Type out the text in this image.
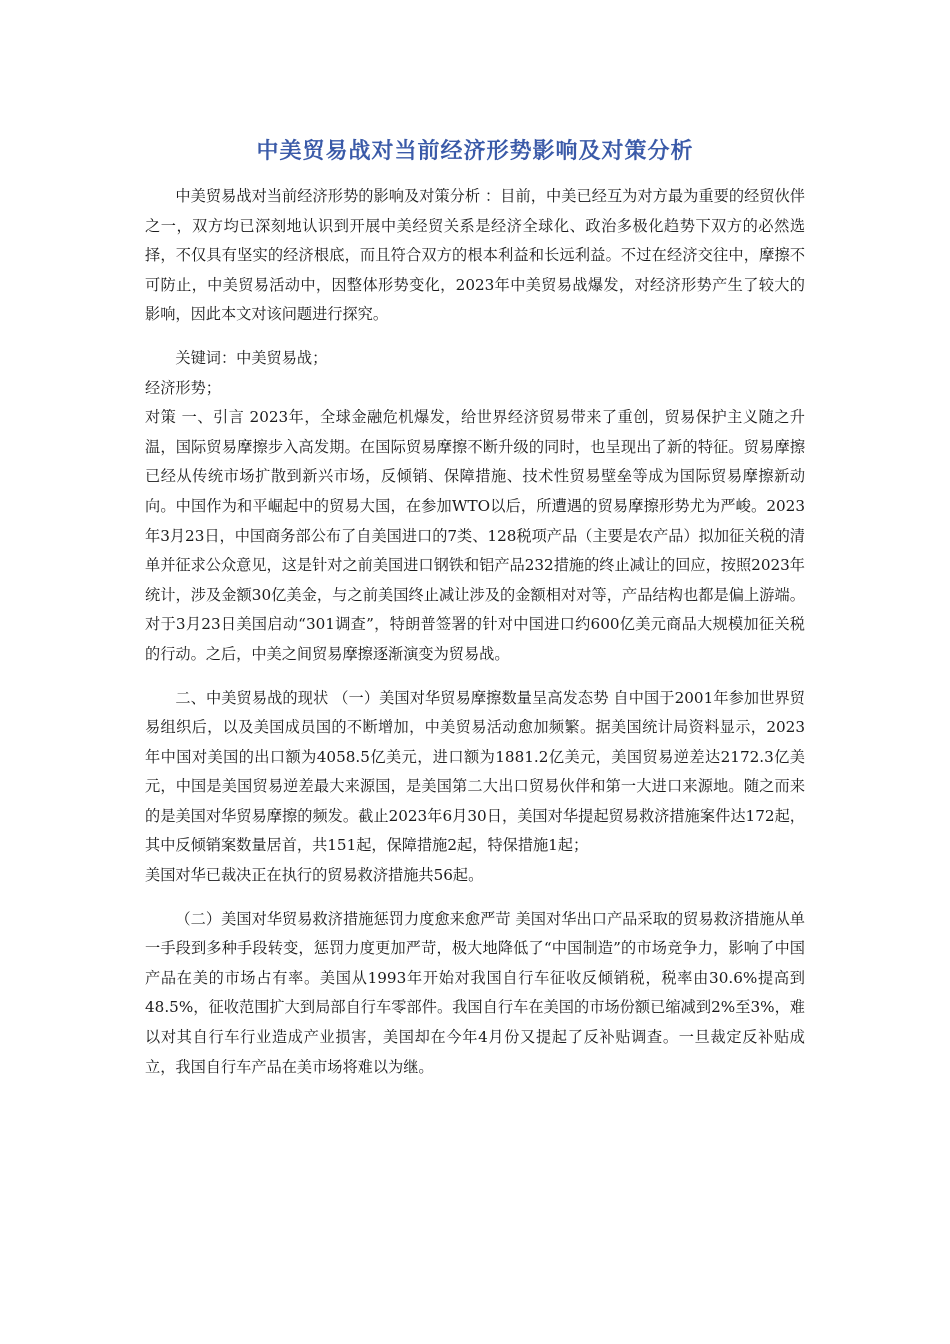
中美贸易战对当前经济形势影响及对策分析

中美贸易战对当前经济形势的影响及对策分析 ：目前，中美已经互为对方最为重要的经贸伙伴之一，双方均已深刻地认识到开展中美经贸关系是经济全球化、政治多极化趋势下双方的必然选择，不仅具有坚实的经济根底，而且符合双方的根本利益和长远利益。不过在经济交往中，摩擦不可防止，中美贸易活动中，因整体形势变化，2023年中美贸易战爆发，对经济形势产生了较大的影响，因此本文对该问题进行探究。

关键词：中美贸易战；

经济形势；

对策 一、引言 2023年，全球金融危机爆发，给世界经济贸易带来了重创，贸易保护主义随之升温，国际贸易摩擦步入高发期。在国际贸易摩擦不断升级的同时，也呈现出了新的特征。贸易摩擦已经从传统市场扩散到新兴市场，反倾销、保障措施、技术性贸易壁垒等成为国际贸易摩擦新动向。中国作为和平崛起中的贸易大国，在参加WTO以后，所遭遇的贸易摩擦形势尤为严峻。2023年3月23日，中国商务部公布了自美国进口的7类、128税项产品（主要是农产品）拟加征关税的清单并征求公众意见，这是针对之前美国进口钢铁和铝产品232措施的终止减让的回应，按照2023年统计，涉及金额30亿美金，与之前美国终止减让涉及的金额相对对等，产品结构也都是偏上游端。对于3月23日美国启动“301调查”，特朗普签署的针对中国进口约600亿美元商品大规模加征关税的行动。之后，中美之间贸易摩擦逐渐演变为贸易战。

二、中美贸易战的现状 （一）美国对华贸易摩擦数量呈高发态势 自中国于2001年参加世界贸易组织后，以及美国成员国的不断增加，中美贸易活动愈加频繁。据美国统计局资料显示，2023年中国对美国的出口额为4058.5亿美元，进口额为1881.2亿美元，美国贸易逆差达2172.3亿美元，中国是美国贸易逆差最大来源国，是美国第二大出口贸易伙伴和第一大进口来源地。随之而来的是美国对华贸易摩擦的频发。截止2023年6月30日，美国对华提起贸易救济措施案件达172起，其中反倾销案数量居首，共151起，保障措施2起，特保措施1起；

美国对华已裁决正在执行的贸易救济措施共56起。

（二）美国对华贸易救济措施惩罚力度愈来愈严苛 美国对华出口产品采取的贸易救济措施从单一手段到多种手段转变，惩罚力度更加严苛，极大地降低了“中国制造”的市场竞争力，影响了中国产品在美的市场占有率。美国从1993年开始对我国自行车征收反倾销税，税率由30.6%提高到48.5%，征收范围扩大到局部自行车零部件。我国自行车在美国的市场份额已缩减到2%至3%，难以对其自行车行业造成产业损害，美国却在今年4月份又提起了反补贴调查。一旦裁定反补贴成立，我国自行车产品在美市场将难以为继。
